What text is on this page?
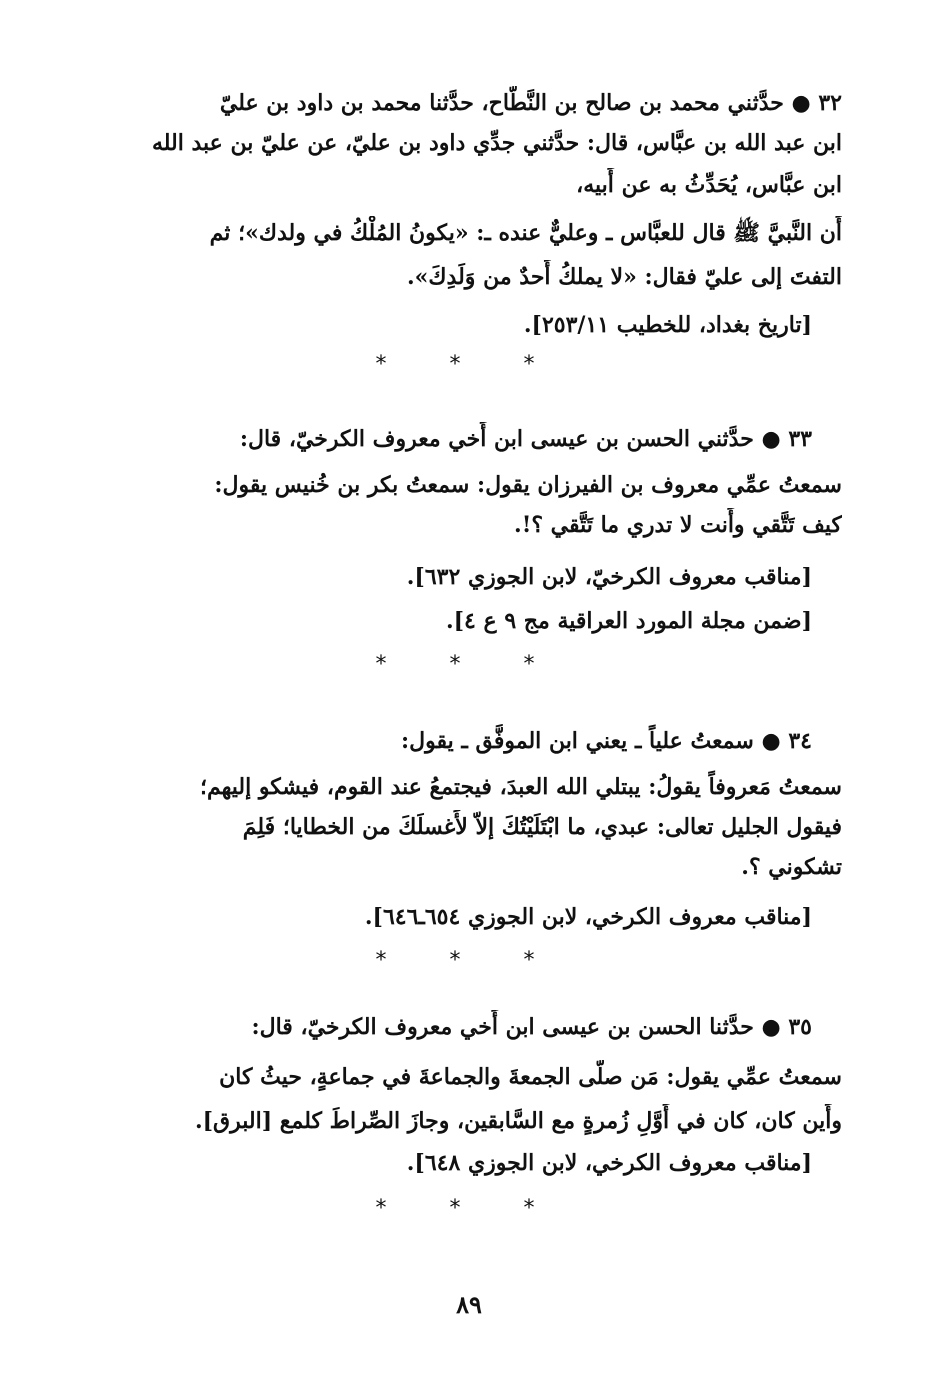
٣٢ ● حدَّثني محمد بن صالح بن النَّطَّاح، حدَّثنا محمد بن داود بن عليّ
ابن عبد الله بن عبَّاس، قال: حدَّثني جدِّي داود بن عليّ، عن عليّ بن عبد الله
ابن عبَّاس، يُحَدِّثُ به عن أَبيه،
أَن النَّبيَّ ﷺ قال للعبَّاس ـ وعليٌّ عنده ـ: «يكونُ المُلْكُ في ولدك»؛ ثم
التفتَ إلى عليّ فقال: «لا يملكُ أَحدٌ من وَلَدِكَ».
[تاريخ بغداد، للخطيب ٢٥٣/١١].
* * *
٣٣ ● حدَّثني الحسن بن عيسى ابن أَخي معروف الكرخيّ، قال:
سمعتُ عمِّي معروف بن الفيرزان يقول: سمعتُ بكر بن خُنيس يقول:
كيف تَتَّقي وأَنت لا تدري ما تَتَّقي ؟!.
[مناقب معروف الكرخيّ، لابن الجوزي ٦٣٢].
[ضمن مجلة المورد العراقية مج ٩ ع ٤].
* * *
٣٤ ● سمعتُ علياً ـ يعني ابن الموفَّق ـ يقول:
سمعتُ مَعروفاً يقولُ: يبتلي الله العبدَ، فيجتمعُ عند القوم، فيشكو إليهم؛
فيقول الجليل تعالى: عبدي، ما ابْتَلَيْتُكَ إلاّ لأَغسلَكَ من الخطايا؛ فَلِمَ
تشكوني ؟.
[مناقب معروف الكرخي، لابن الجوزي ٦٥٤ـ٦٤٦].
* * *
٣٥ ● حدَّثنا الحسن بن عيسى ابن أَخي معروف الكرخيّ، قال:
سمعتُ عمِّي يقول: مَن صلَّى الجمعةَ والجماعةَ في جماعةٍ، حيثُ كان
وأَين كان، كان في أَوَّلِ زُمرةٍ مع السَّابقين، وجازَ الصِّراطَ كلمع [البرق].
[مناقب معروف الكرخي، لابن الجوزي ٦٤٨].
* * *
٨٩
